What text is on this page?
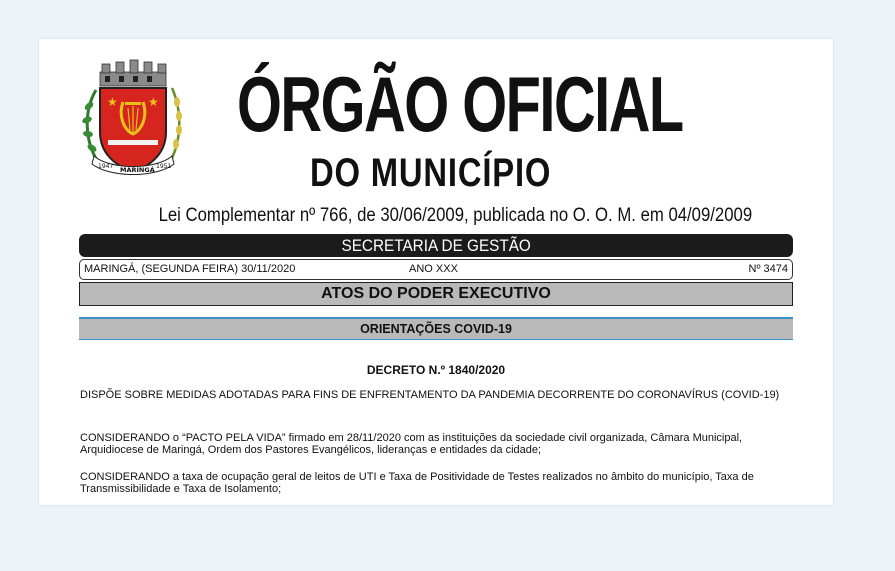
★	★
1947 MARINGÁ 1951
ÓRGÃO OFICIAL
DO MUNICÍPIO
Lei Complementar nº 766, de 30/06/2009, publicada no O. O. M. em 04/09/2009
SECRETARIA DE GESTÃO
MARINGÁ, (SEGUNDA FEIRA) 30/11/2020	ANO XXX	Nº 3474
ATOS DO PODER EXECUTIVO
ORIENTAÇÕES COVID-19
DECRETO N.º 1840/2020
DISPÕE SOBRE MEDIDAS ADOTADAS PARA FINS DE ENFRENTAMENTO DA PANDEMIA DECORRENTE DO CORONAVÍRUS (COVID-19)
CONSIDERANDO o “PACTO PELA VIDA” firmado em 28/11/2020 com as instituições da sociedade civil organizada, Câmara Municipal, Arquidiocese de Maringá, Ordem dos Pastores Evangélicos, lideranças e entidades da cidade;
CONSIDERANDO a taxa de ocupação geral de leitos de UTI e Taxa de Positividade de Testes realizados no âmbito do município, Taxa de Transmissibilidade e Taxa de Isolamento;
